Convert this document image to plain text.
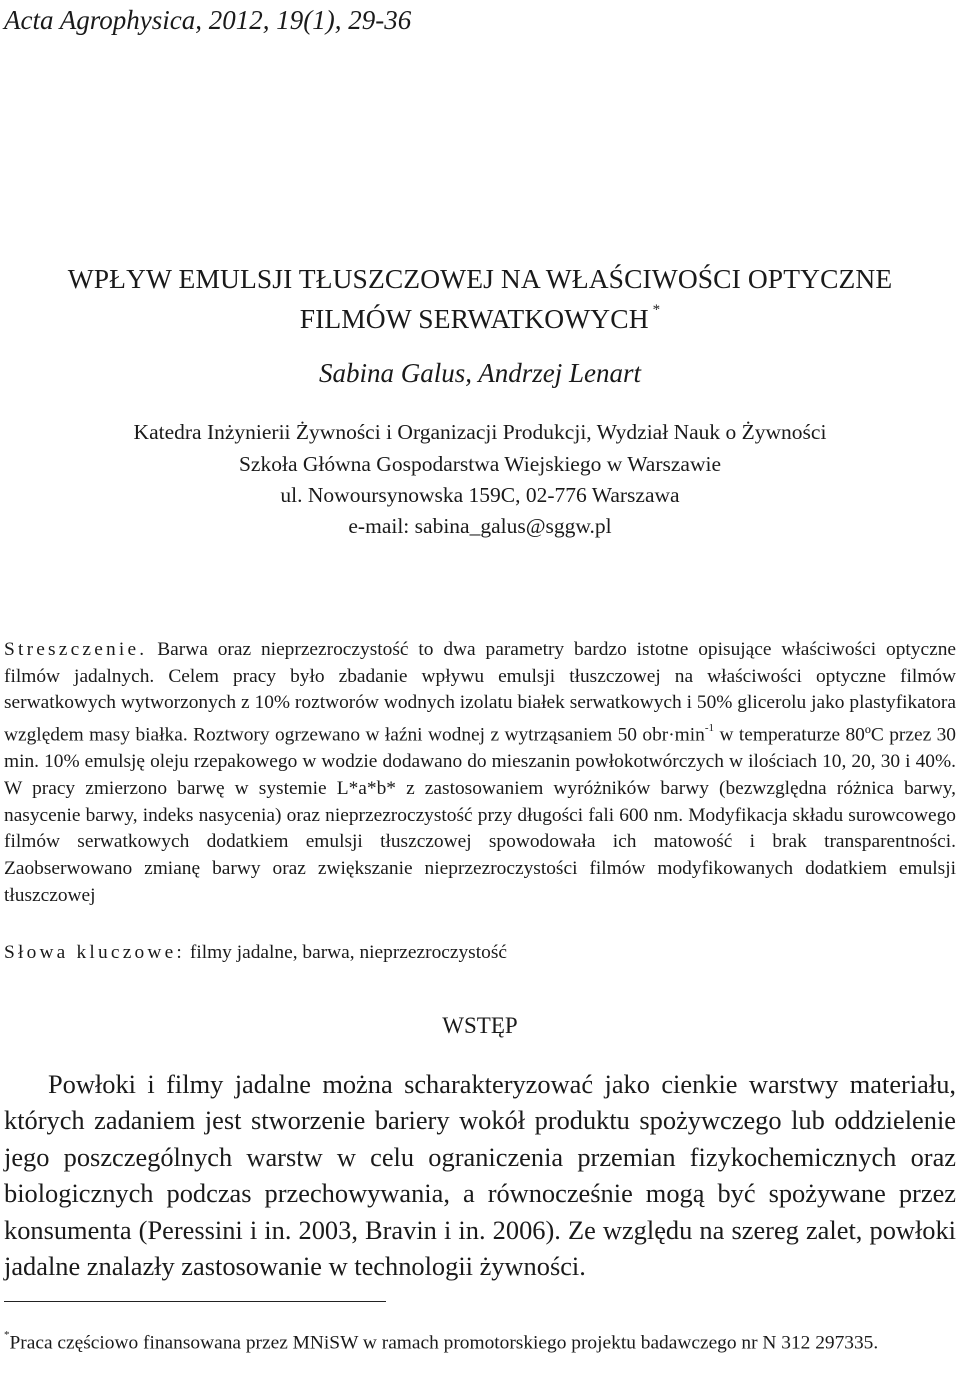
Acta Agrophysica, 2012, 19(1), 29-36

WPŁYW EMULSJI TŁUSZCZOWEJ NA WŁAŚCIWOŚCI OPTYCZNE

FILMÓW SERWATKOWYCH *

Sabina Galus, Andrzej Lenart

Katedra Inżynierii Żywności i Organizacji Produkcji, Wydział Nauk o Żywności

Szkoła Główna Gospodarstwa Wiejskiego w Warszawie

ul. Nowoursynowska 159C, 02-776 Warszawa

e-mail: sabina_galus@sggw.pl

Streszczenie. Barwa oraz nieprzezroczystość to dwa parametry bardzo istotne opisujące właściwości optyczne filmów jadalnych. Celem pracy było zbadanie wpływu emulsji tłuszczowej na właściwości optyczne filmów serwatkowych wytworzonych z 10% roztworów wodnych izolatu białek serwatkowych i 50% glicerolu jako plastyfikatora względem masy białka. Roztwory ogrzewano w łaźni wodnej z wytrząsaniem 50 $obr\cdot\min^{-1}$ w temperaturze 80ºC przez 30 min. 10% emulsję oleju rzepakowego w wodzie dodawano do mieszanin powłokotwórczych w ilościach 10, 20, 30 i 40%. W pracy zmierzono barwę w systemie L*a*b* z zastosowaniem wyróżników barwy (bezwzględna różnica barwy, nasycenie barwy, indeks nasycenia) oraz nieprzezroczystość przy długości fali 600 nm. Modyfikacja składu surowcowego filmów serwatkowych dodatkiem emulsji tłuszczowej spowodowała ich matowość i brak transparentności. Zaobserwowano zmianę barwy oraz zwiększanie nieprzezroczystości filmów modyfikowanych dodatkiem emulsji tłuszczowej

Słowa kluczowe: filmy jadalne, barwa, nieprzezroczystość

WSTĘP

Powłoki i filmy jadalne można scharakteryzować jako cienkie warstwy materiału, których zadaniem jest stworzenie bariery wokół produktu spożywczego lub oddzielenie jego poszczególnych warstw w celu ograniczenia przemian fizykochemicznych oraz biologicznych podczas przechowywania, a równocześnie mogą być spożywane przez konsumenta (Peressini i in. 2003, Bravin i in. 2006). Ze względu na szereg zalet, powłoki jadalne znalazły zastosowanie w technologii żywności.

*Praca częściowo finansowana przez MNiSW w ramach promotorskiego projektu badawczego nr N 312 297335.
